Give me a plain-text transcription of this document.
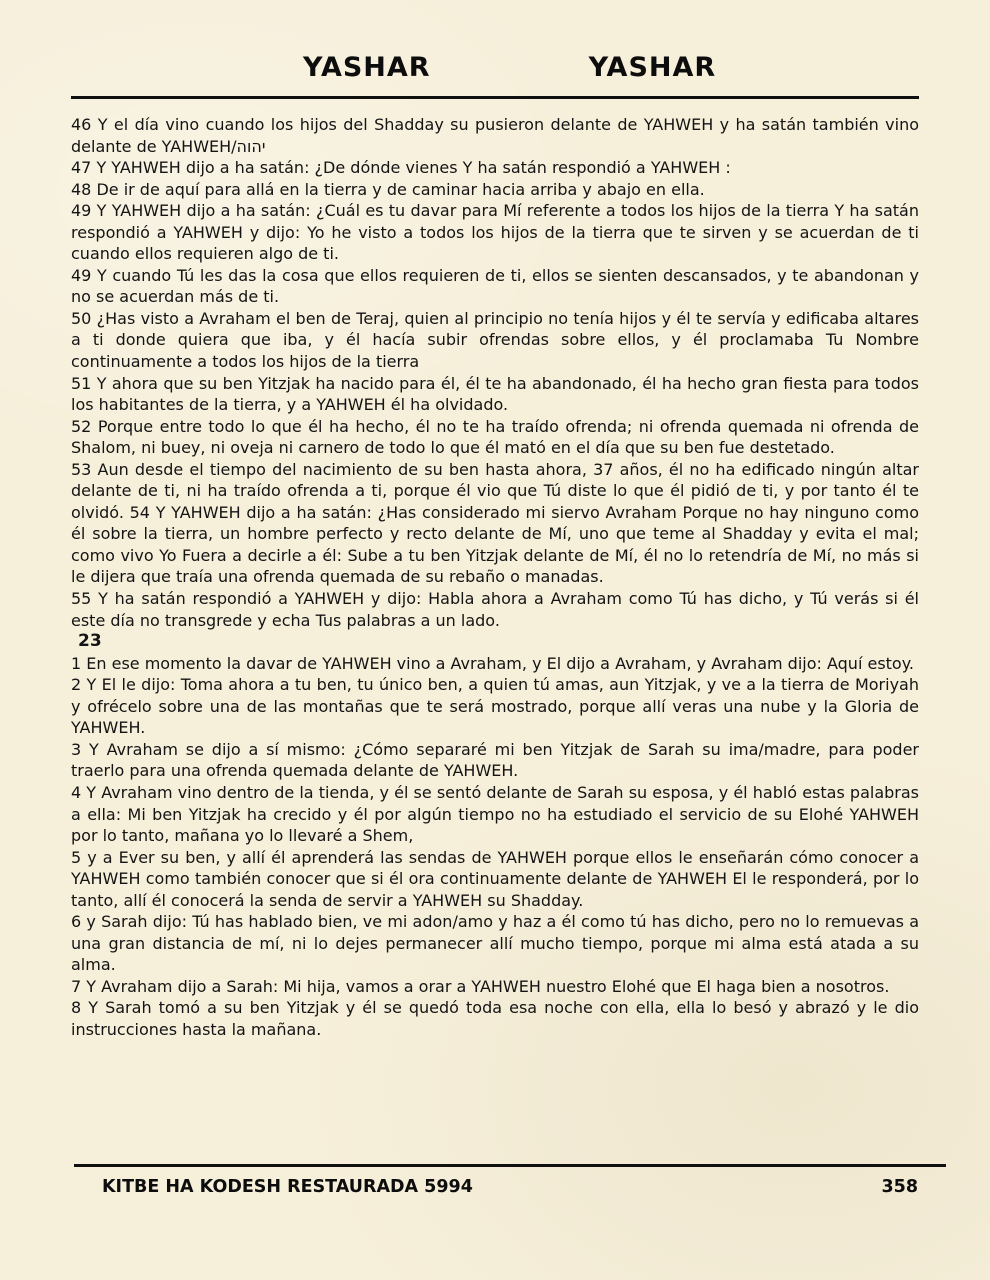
YASHAR	YASHAR

46 Y el día vino cuando los hijos del Shadday su pusieron delante de YAHWEH y ha satán también vino delante de YAHWEH/יהוה

47 Y YAHWEH dijo a ha satán: ¿De dónde vienes Y ha satán respondió a YAHWEH :

48 De ir de aquí para allá en la tierra y de caminar hacia arriba y abajo en ella.

49 Y YAHWEH dijo a ha satán: ¿Cuál es tu davar para Mí referente a todos los hijos de la tierra Y ha satán respondió a YAHWEH y dijo: Yo he visto a todos los hijos de la tierra que te sirven y se acuerdan de ti cuando ellos requieren algo de ti.

49 Y cuando Tú les das la cosa que ellos requieren de ti, ellos se sienten descansados, y te abandonan y no se acuerdan más de ti.

50 ¿Has visto a Avraham el ben de Teraj, quien al principio no tenía hijos y él te servía y edificaba altares a ti donde quiera que iba, y él hacía subir ofrendas sobre ellos, y él proclamaba Tu Nombre continuamente a todos los hijos de la tierra

51 Y ahora que su ben Yitzjak ha nacido para él, él te ha abandonado, él ha hecho gran fiesta para todos los habitantes de la tierra, y a YAHWEH él ha olvidado.

52 Porque entre todo lo que él ha hecho, él no te ha traído ofrenda; ni ofrenda quemada ni ofrenda de Shalom, ni buey, ni oveja ni carnero de todo lo que él mató en el día que su ben fue destetado.

53 Aun desde el tiempo del nacimiento de su ben hasta ahora, 37 años, él no ha edificado ningún altar delante de ti, ni ha traído ofrenda a ti, porque él vio que Tú diste lo que él pidió de ti, y por tanto él te olvidó. 54 Y YAHWEH dijo a ha satán: ¿Has considerado mi siervo Avraham Porque no hay ninguno como él sobre la tierra, un hombre perfecto y recto delante de Mí, uno que teme al Shadday y evita el mal; como vivo Yo Fuera a decirle a él: Sube a tu ben Yitzjak delante de Mí, él no lo retendría de Mí, no más si le dijera que traía una ofrenda quemada de su rebaño o manadas.

55 Y ha satán respondió a YAHWEH y dijo: Habla ahora a Avraham como Tú has dicho, y Tú verás si él este día no transgrede y echa Tus palabras a un lado.

23

1 En ese momento la davar de YAHWEH vino a Avraham, y El dijo a Avraham, y Avraham dijo: Aquí estoy.

2 Y El le dijo: Toma ahora a tu ben, tu único ben, a quien tú amas, aun Yitzjak, y ve a la tierra de Moriyah y ofrécelo sobre una de las montañas que te será mostrado, porque allí veras una nube y la Gloria de YAHWEH.

3 Y Avraham se dijo a sí mismo: ¿Cómo separaré mi ben Yitzjak de Sarah su ima/madre, para poder traerlo para una ofrenda quemada delante de YAHWEH.

4 Y Avraham vino dentro de la tienda, y él se sentó delante de Sarah su esposa, y él habló estas palabras a ella: Mi ben Yitzjak ha crecido y él por algún tiempo no ha estudiado el servicio de su Elohé YAHWEH por lo tanto, mañana yo lo llevaré a Shem,

5 y a Ever su ben, y allí él aprenderá las sendas de YAHWEH porque ellos le enseñarán cómo conocer a YAHWEH como también conocer que si él ora continuamente delante de YAHWEH El le responderá, por lo tanto, allí él conocerá la senda de servir a YAHWEH su Shadday.

6 y Sarah dijo: Tú has hablado bien, ve mi adon/amo y haz a él como tú has dicho, pero no lo remuevas a una gran distancia de mí, ni lo dejes permanecer allí mucho tiempo, porque mi alma está atada a su alma.

7 Y Avraham dijo a Sarah: Mi hija, vamos a orar a YAHWEH nuestro Elohé que El haga bien a nosotros.

8 Y Sarah tomó a su ben Yitzjak y él se quedó toda esa noche con ella, ella lo besó y abrazó y le dio instrucciones hasta la mañana.

KITBE HA KODESH RESTAURADA 5994	358
